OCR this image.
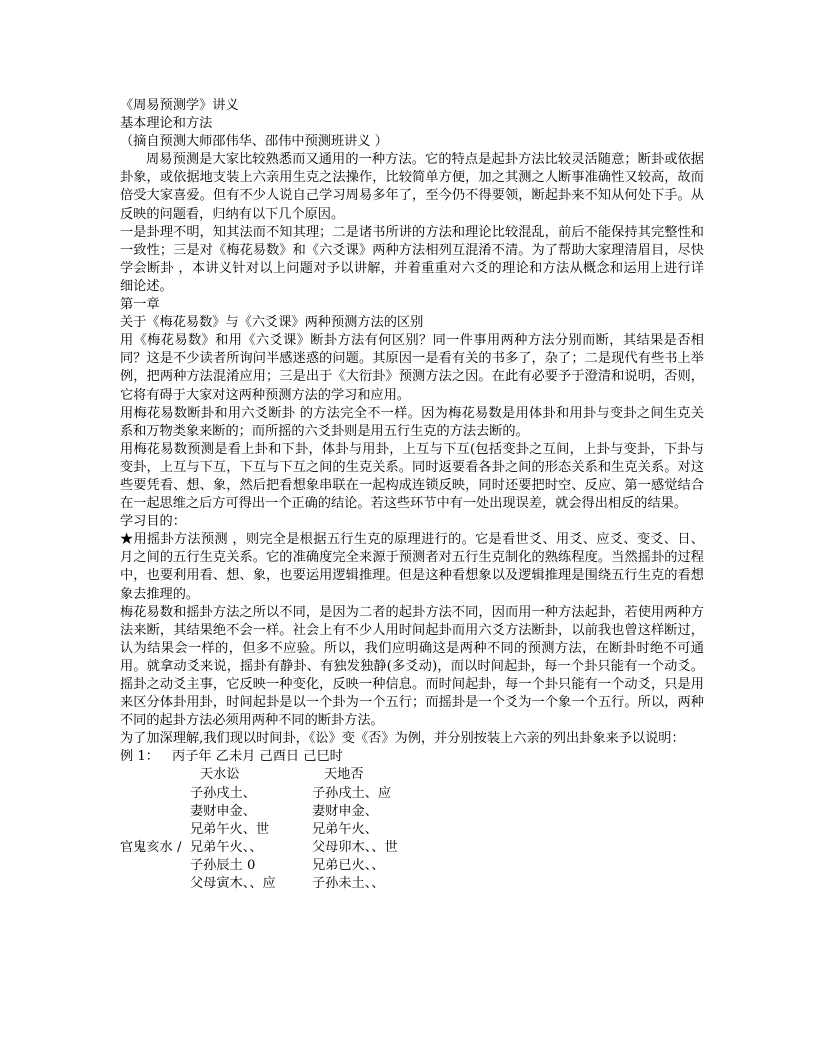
《周易预测学》讲义
基本理论和方法
（摘自预测大师邵伟华、邵伟中预测班讲义 ）
周易预测是大家比较熟悉而又通用的一种方法。它的特点是起卦方法比较灵活随意；断卦或依据卦象，或依据地支装上六亲用生克之法操作，比较简单方便，加之其测之人断事准确性又较高，故而倍受大家喜爱。但有不少人说自己学习周易多年了，至今仍不得要领，断起卦来不知从何处下手。从反映的问题看，归纳有以下几个原因。
一是卦理不明，知其法而不知其理；二是诸书所讲的方法和理论比较混乱，前后不能保持其完整性和一致性；三是对《梅花易数》和《六爻课》两种方法相列互混淆不清。为了帮助大家理清眉目，尽快学会断卦 ，本讲义针对以上问题对予以讲解，并着重重对六爻的理论和方法从概念和运用上进行详细论述。
第一章
关于《梅花易数》与《六爻课》两种预测方法的区别
用《梅花易数》和用《六爻课》断卦方法有何区别？同一件事用两种方法分别而断，其结果是否相同？这是不少读者所询问半感迷惑的问题。其原因一是看有关的书多了，杂了；二是现代有些书上举例，把两种方法混淆应用；三是出于《大衍卦》预测方法之因。在此有必要予于澄清和说明，否则，它将有碍于大家对这两种预测方法的学习和应用。
用梅花易数断卦和用六爻断卦 的方法完全不一样。因为梅花易数是用体卦和用卦与变卦之间生克关系和万物类象来断的；而所摇的六爻卦则是用五行生克的方法去断的。
用梅花易数预测是看上卦和下卦，体卦与用卦，上互与下互(包括变卦之互间，上卦与变卦，下卦与变卦，上互与下互，下互与下互之间的生克关系。同时返要看各卦之间的形态关系和生克关系。对这些要凭看、想、象，然后把看想象串联在一起构成连锁反映，同时还要把时空、反应、第一感觉结合在一起思维之后方可得出一个正确的结论。若这些环节中有一处出现误差，就会得出相反的结果。
学习目的：
★用摇卦方法预测 ，则完全是根据五行生克的原理进行的。它是看世爻、用爻、应爻、变爻、日、月之间的五行生克关系。它的准确度完全来源于预测者对五行生克制化的熟练程度。当然摇卦的过程中，也要利用看、想、象，也要运用逻辑推理。但是这种看想象以及逻辑推理是围绕五行生克的看想象去推理的。
梅花易数和摇卦方法之所以不同，是因为二者的起卦方法不同，因而用一种方法起卦，若使用两种方法来断，其结果绝不会一样。社会上有不少人用时间起卦而用六爻方法断卦，以前我也曾这样断过，认为结果会一样的，但多不应验。所以，我们应明确这是两种不同的预测方法，在断卦时绝不可通用。就拿动爻来说，摇卦有静卦、有独发独静(多爻动)，而以时间起卦，每一个卦只能有一个动爻。摇卦之动爻主事，它反映一种变化，反映一种信息。而时间起卦，每一个卦只能有一个动爻，只是用来区分体卦用卦，时间起卦是以一个卦为一个五行；而摇卦是一个爻为一个象一个五行。所以，两种不同的起卦方法必须用两种不同的断卦方法。
为了加深理解,我们现以时间卦，《讼》变《否》为例，并分别按装上六亲的列出卦象来予以说明：
例 1： 丙子年 乙未月 己酉日 己巳时
天水讼	天地否
子孙戌土、	子孙戌土、应
妻财申金、	妻财申金、
兄弟午火、世	兄弟午火、
官鬼亥水 / 兄弟午火、、	父母卯木、、世
子孙辰土 0	兄弟已火、、
父母寅木、、应	子孙未土、、
